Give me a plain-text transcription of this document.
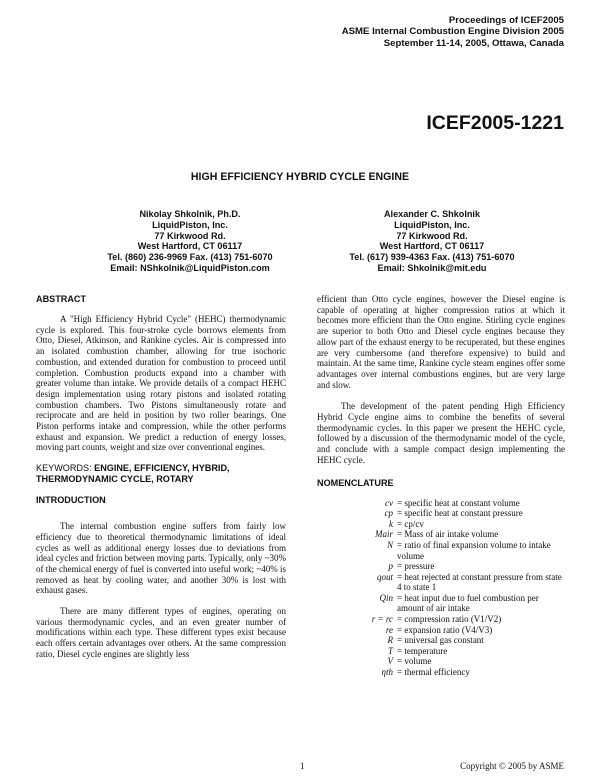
Proceedings of ICEF2005
ASME Internal Combustion Engine Division 2005
September 11-14, 2005, Ottawa, Canada
ICEF2005-1221
HIGH EFFICIENCY HYBRID CYCLE ENGINE
Nikolay Shkolnik, Ph.D.
LiquidPiston, Inc.
77 Kirkwood Rd.
West Hartford, CT 06117
Tel. (860) 236-9969 Fax. (413) 751-6070
Email: NShkolnik@LiquidPiston.com
Alexander C. Shkolnik
LiquidPiston, Inc.
77 Kirkwood Rd.
West Hartford, CT 06117
Tel. (617) 939-4363 Fax. (413) 751-6070
Email: Shkolnik@mit.edu
ABSTRACT

A "High Efficiency Hybrid Cycle" (HEHC) thermodynamic cycle is explored. This four-stroke cycle borrows elements from Otto, Diesel, Atkinson, and Rankine cycles. Air is compressed into an isolated combustion chamber, allowing for true isochoric combustion, and extended duration for combustion to proceed until completion. Combustion products expand into a chamber with greater volume than intake. We provide details of a compact HEHC design implementation using rotary pistons and isolated rotating combustion chambers. Two Pistons simultaneously rotate and reciprocate and are held in position by two roller bearings. One Piston performs intake and compression, while the other performs exhaust and expansion. We predict a reduction of energy losses, moving part counts, weight and size over conventional engines.

KEYWORDS: ENGINE, EFFICIENCY, HYBRID, THERMODYNAMIC CYCLE, ROTARY
INTRODUCTION

The internal combustion engine suffers from fairly low efficiency due to theoretical thermodynamic limitations of ideal cycles as well as additional energy losses due to deviations from ideal cycles and friction between moving parts. Typically, only ~30% of the chemical energy of fuel is converted into useful work; ~40% is removed as heat by cooling water, and another 30% is lost with exhaust gases.

There are many different types of engines, operating on various thermodynamic cycles, and an even greater number of modifications within each type. These different types exist because each offers certain advantages over others. At the same compression ratio, Diesel cycle engines are slightly less

efficient than Otto cycle engines, however the Diesel engine is capable of operating at higher compression ratios at which it becomes more efficient than the Otto engine. Stirling cycle engines are superior to both Otto and Diesel cycle engines because they allow part of the exhaust energy to be recuperated, but these engines are very cumbersome (and therefore expensive) to build and maintain. At the same time, Rankine cycle steam engines offer some advantages over internal combustions engines, but are very large and slow.

The development of the patent pending High Efficiency Hybrid Cycle engine aims to combine the benefits of several thermodynamic cycles. In this paper we present the HEHC cycle, followed by a discussion of the thermodynamic model of the cycle, and conclude with a sample compact design implementing the HEHC cycle.

NOMENCLATURE
cv	= specific heat at constant volume
cp	= specific heat at constant pressure
k	= cp/cv
Mair	= Mass of air intake volume
N	= ratio of final expansion volume to intake volume
p	= pressure
qout	= heat rejected at constant pressure from state 4 to state 1
Qin	= heat input due to fuel combustion per amount of air intake
r = rc	= compression ratio (V1/V2)
re	= expansion ratio (V4/V3)
R	= universal gas constant
T	= temperature
V	= volume
ηth	= thermal efficiency
1	Copyright © 2005 by ASME
